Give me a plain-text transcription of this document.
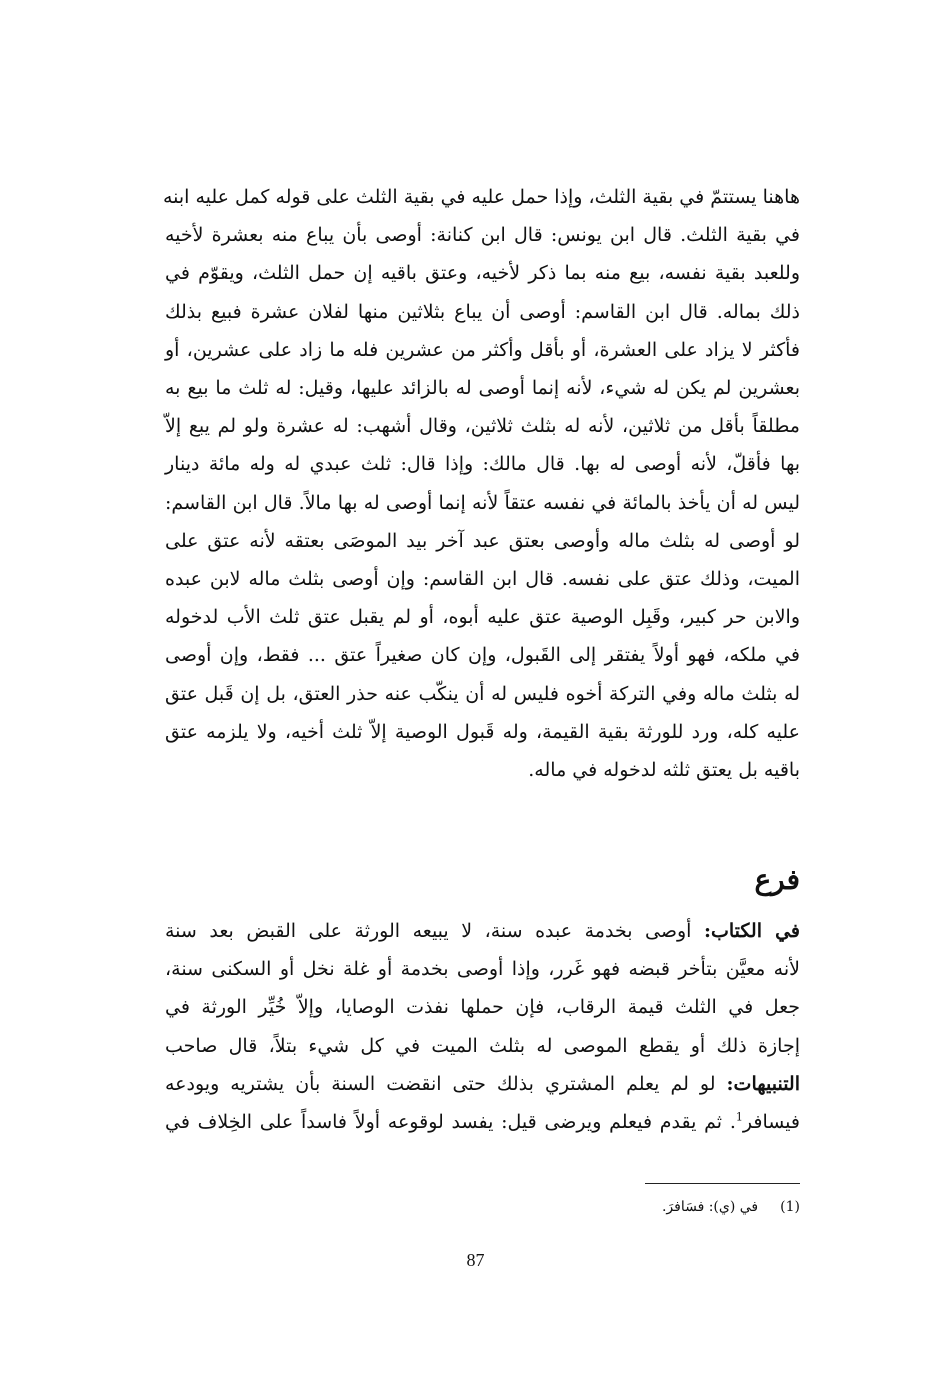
هاهنا يستتمّ في بقية الثلث، وإذا حمل عليه في بقية الثلث على قوله كمل عليه ابنه
في بقية الثلث. قال ابن يونس: قال ابن كنانة: أوصى بأن يباع منه بعشرة لأخيه
وللعبد بقية نفسه، بيع منه بما ذكر لأخيه، وعتق باقيه إن حمل الثلث، ويقوّم في
ذلك بماله. قال ابن القاسم: أوصى أن يباع بثلاثين منها لفلان عشرة فبيع بذلك
فأكثر لا يزاد على العشرة، أو بأقل وأكثر من عشرين فله ما زاد على عشرين، أو
بعشرين لم يكن له شيء، لأنه إنما أوصى له بالزائد عليها، وقيل: له ثلث ما بيع به
مطلقاً بأقل من ثلاثين، لأنه له بثلث ثلاثين، وقال أشهب: له عشرة ولو لم يبع إلاّ
بها فأقلّ، لأنه أوصى له بها. قال مالك: وإذا قال: ثلث عبدي له وله مائة دينار
ليس له أن يأخذ بالمائة في نفسه عتقاً لأنه إنما أوصى له بها مالاً. قال ابن القاسم:
لو أوصى له بثلث ماله وأوصى بعتق عبد آخر بيد الموصَى بعتقه لأنه عتق على
الميت، وذلك عتق على نفسه. قال ابن القاسم: وإن أوصى بثلث ماله لابن عبده
والابن حر كبير، وقَبِل الوصية عتق عليه أبوه، أو لم يقبل عتق ثلث الأب لدخوله
في ملكه، فهو أولاً يفتقر إلى القَبول، وإن كان صغيراً عتق ... فقط، وإن أوصى
له بثلث ماله وفي التركة أخوه فليس له أن ينكّب عنه حذر العتق، بل إن قَبل عتق
عليه كله، ورد للورثة بقية القيمة، وله قَبول الوصية إلاّ ثلث أخيه، ولا يلزمه عتق
باقيه بل يعتق ثلثه لدخوله في ماله.
فرع
في الكتاب: أوصى بخدمة عبده سنة، لا يبيعه الورثة على القبض بعد سنة
لأنه معيَّن بتأخر قبضه فهو غَرر، وإذا أوصى بخدمة أو غلة نخل أو السكنى سنة،
جعل في الثلث قيمة الرقاب، فإن حملها نفذت الوصايا، وإلاّ خُيِّر الورثة في
إجازة ذلك أو يقطع الموصى له بثلث الميت في كل شيء بتلاً، قال صاحب
التنبيهات: لو لم يعلم المشتري بذلك حتى انقضت السنة بأن يشتريه ويودعه
فيسافر$^1$. ثم يقدم فيعلم ويرضى قيل: يفسد لوقوعه أولاً فاسداً على الخِلاف في
(1)في (ي): فسَافرَ.
87
